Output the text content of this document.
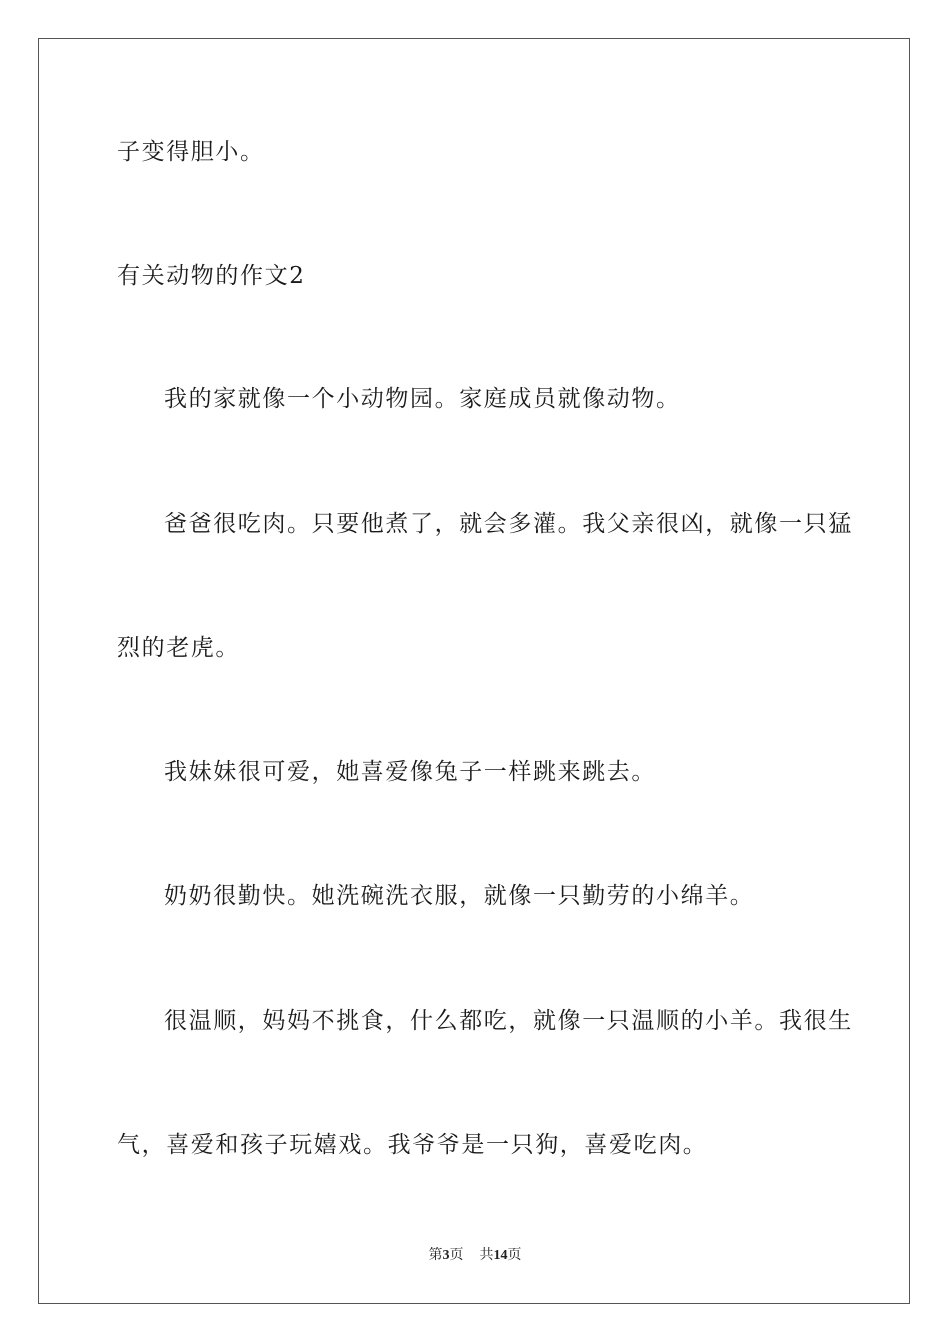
子变得胆小。
有关动物的作文2
我的家就像一个小动物园。家庭成员就像动物。
爸爸很吃肉。只要他煮了，就会多灌。我父亲很凶，就像一只猛
烈的老虎。
我妹妹很可爱，她喜爱像兔子一样跳来跳去。
奶奶很勤快。她洗碗洗衣服，就像一只勤劳的小绵羊。
很温顺，妈妈不挑食，什么都吃，就像一只温顺的小羊。我很生
气，喜爱和孩子玩嬉戏。我爷爷是一只狗，喜爱吃肉。
第3页 共14页
